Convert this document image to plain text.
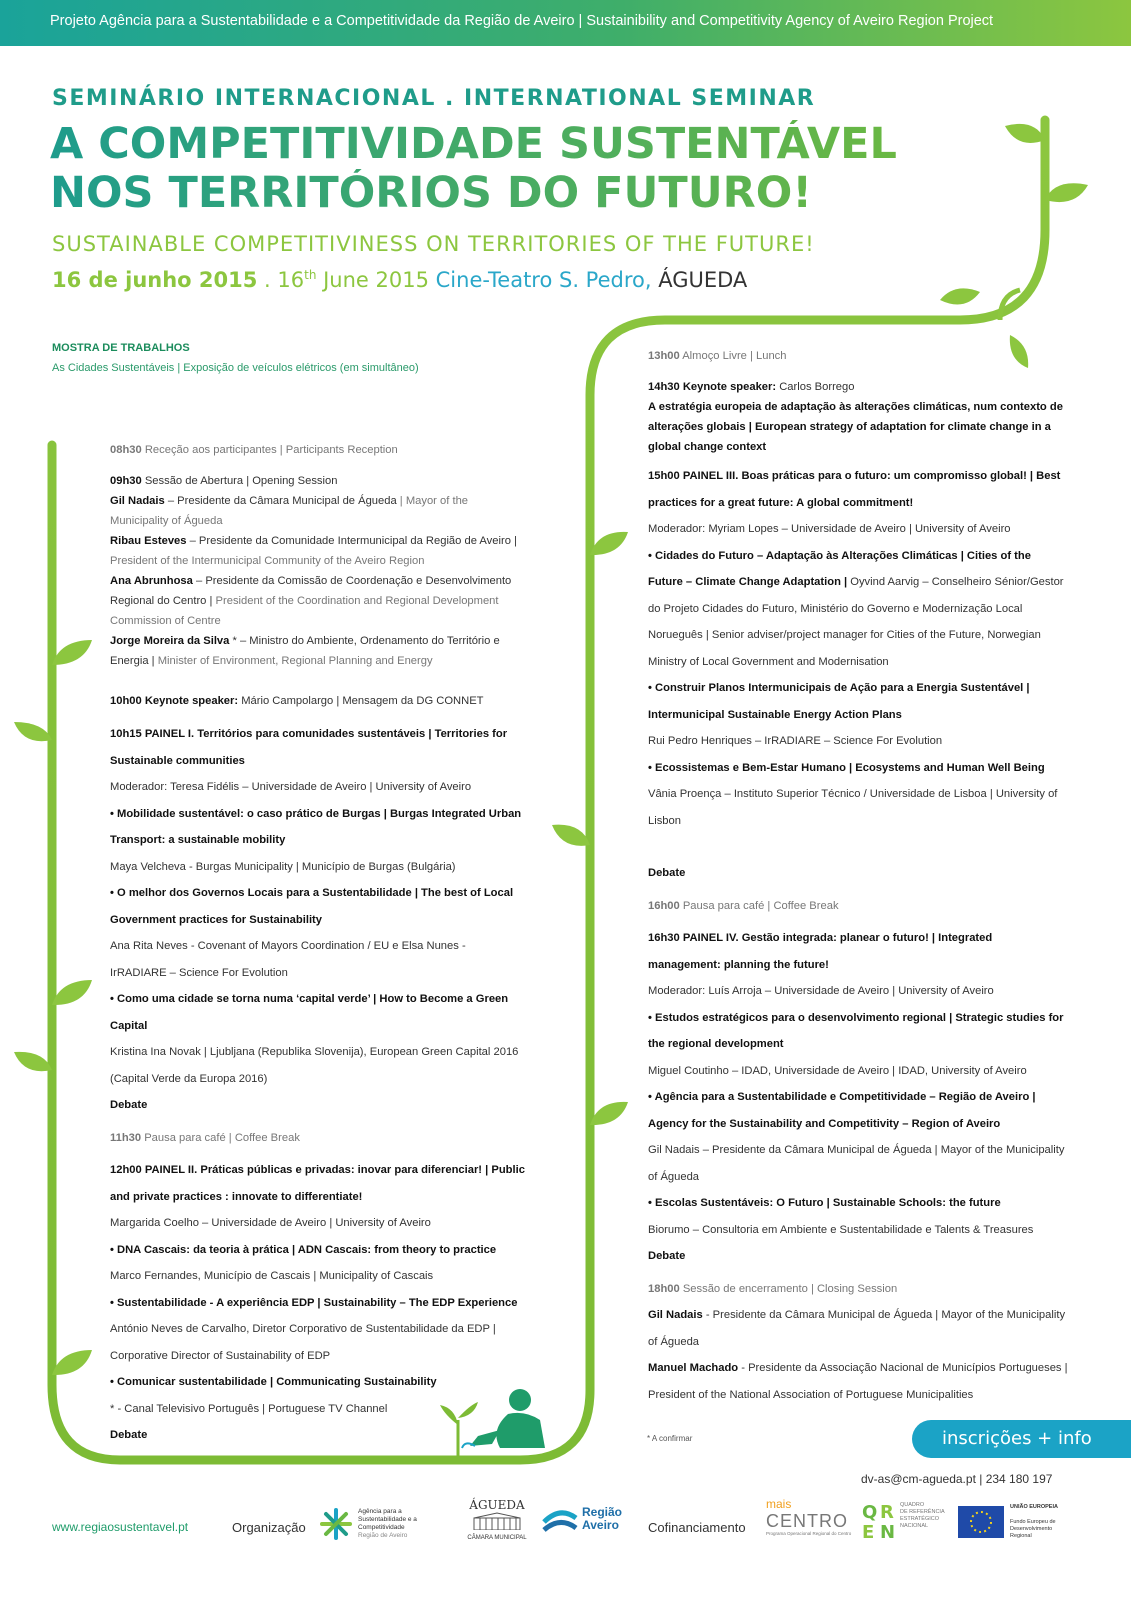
Projeto Agência para a Sustentabilidade e a Competitividade da Região de Aveiro | Sustainibility and Competitivity Agency of Aveiro Region Project
SEMINÁRIO INTERNACIONAL . INTERNATIONAL SEMINAR
A COMPETITIVIDADE SUSTENTÁVEL
NOS TERRITÓRIOS DO FUTURO!
SUSTAINABLE COMPETITIVINESS ON TERRITORIES OF THE FUTURE!
16 de junho 2015 . 16th June 2015 Cine-Teatro S. Pedro, ÁGUEDA
MOSTRA DE TRABALHOS
As Cidades Sustentáveis | Exposição de veículos elétricos (em simultâneo)

08h30 Receção aos participantes | Participants Reception

09h30 Sessão de Abertura | Opening Session

Gil Nadais – Presidente da Câmara Municipal de Águeda | Mayor of the Municipality of Águeda

Ribau Esteves – Presidente da Comunidade Intermunicipal da Região de Aveiro | President of the Intermunicipal Community of the Aveiro Region

Ana Abrunhosa – Presidente da Comissão de Coordenação e Desenvolvimento Regional do Centro | President of the Coordination and Regional Development Commission of Centre

Jorge Moreira da Silva * – Ministro do Ambiente, Ordenamento do Território e Energia | Minister of Environment, Regional Planning and Energy

10h00 Keynote speaker: Mário Campolargo | Mensagem da DG CONNET

10h15 PAINEL I. Territórios para comunidades sustentáveis | Territories for Sustainable communities

Moderador: Teresa Fidélis – Universidade de Aveiro | University of Aveiro

• Mobilidade sustentável: o caso prático de Burgas | Burgas Integrated Urban Transport: a sustainable mobility

Maya Velcheva - Burgas Municipality | Município de Burgas (Bulgária)

• O melhor dos Governos Locais para a Sustentabilidade | The best of Local Government practices for Sustainability

Ana Rita Neves - Covenant of Mayors Coordination / EU e Elsa Nunes - IrRADIARE – Science For Evolution

• Como uma cidade se torna numa ‘capital verde’ | How to Become a Green Capital

Kristina Ina Novak | Ljubljana (Republika Slovenija), European Green Capital 2016 (Capital Verde da Europa 2016)

Debate

11h30 Pausa para café | Coffee Break

12h00 PAINEL II. Práticas públicas e privadas: inovar para diferenciar! | Public and private practices : innovate to differentiate!

Margarida Coelho – Universidade de Aveiro | University of Aveiro

• DNA Cascais: da teoria à prática | ADN Cascais: from theory to practice

Marco Fernandes, Município de Cascais | Municipality of Cascais

• Sustentabilidade - A experiência EDP | Sustainability – The EDP Experience

António Neves de Carvalho, Diretor Corporativo de Sustentabilidade da EDP | Corporative Director of Sustainability of EDP

• Comunicar sustentabilidade | Communicating Sustainability

* - Canal Televisivo Português | Portuguese TV Channel

Debate

13h00 Almoço Livre | Lunch

14h30 Keynote speaker: Carlos Borrego

A estratégia europeia de adaptação às alterações climáticas, num contexto de alterações globais | European strategy of adaptation for climate change in a global change context

15h00 PAINEL III. Boas práticas para o futuro: um compromisso global! | Best practices for a great future: A global commitment!

Moderador: Myriam Lopes – Universidade de Aveiro | University of Aveiro

• Cidades do Futuro – Adaptação às Alterações Climáticas | Cities of the Future – Climate Change Adaptation | Oyvind Aarvig – Conselheiro Sénior/Gestor do Projeto Cidades do Futuro, Ministério do Governo e Modernização Local Norueguês | Senior adviser/project manager for Cities of the Future, Norwegian Ministry of Local Government and Modernisation

• Construir Planos Intermunicipais de Ação para a Energia Sustentável | Intermunicipal Sustainable Energy Action Plans

Rui Pedro Henriques – IrRADIARE – Science For Evolution

• Ecossistemas e Bem-Estar Humano | Ecosystems and Human Well Being

Vânia Proença – Instituto Superior Técnico / Universidade de Lisboa | University of Lisbon

Debate

16h00 Pausa para café | Coffee Break

16h30 PAINEL IV. Gestão integrada: planear o futuro! | Integrated management: planning the future!

Moderador: Luís Arroja – Universidade de Aveiro | University of Aveiro

• Estudos estratégicos para o desenvolvimento regional | Strategic studies for the regional development

Miguel Coutinho – IDAD, Universidade de Aveiro | IDAD, University of Aveiro

• Agência para a Sustentabilidade e Competitividade – Região de Aveiro | Agency for the Sustainability and Competitivity – Region of Aveiro

Gil Nadais – Presidente da Câmara Municipal de Águeda | Mayor of the Municipality of Águeda

• Escolas Sustentáveis: O Futuro | Sustainable Schools: the future

Biorumo – Consultoria em Ambiente e Sustentabilidade e Talents & Treasures

Debate

18h00 Sessão de encerramento | Closing Session

Gil Nadais - Presidente da Câmara Municipal de Águeda | Mayor of the Municipality of Águeda

Manuel Machado - Presidente da Associação Nacional de Municípios Portugueses | President of the National Association of Portuguese Municipalities

* A confirmar	inscrições + info
dv-as@cm-agueda.pt | 234 180 197
www.regiaosustentavel.pt	Organização
Agência para a
Sustentabilidade e a Competitividade
Região de Aveiro
ÁGUEDA
CÂMARA MUNICIPAL
Região
Aveiro Cofinanciamento
mais
CENTRO
Programa Operacional Regional do Centro
Q R
E N
QUADRO
DE REFERÊNCIA
ESTRATÉGICO
NACIONAL
UNIÃO EUROPEIA
Fundo Europeu de Desenvolvimento Regional
